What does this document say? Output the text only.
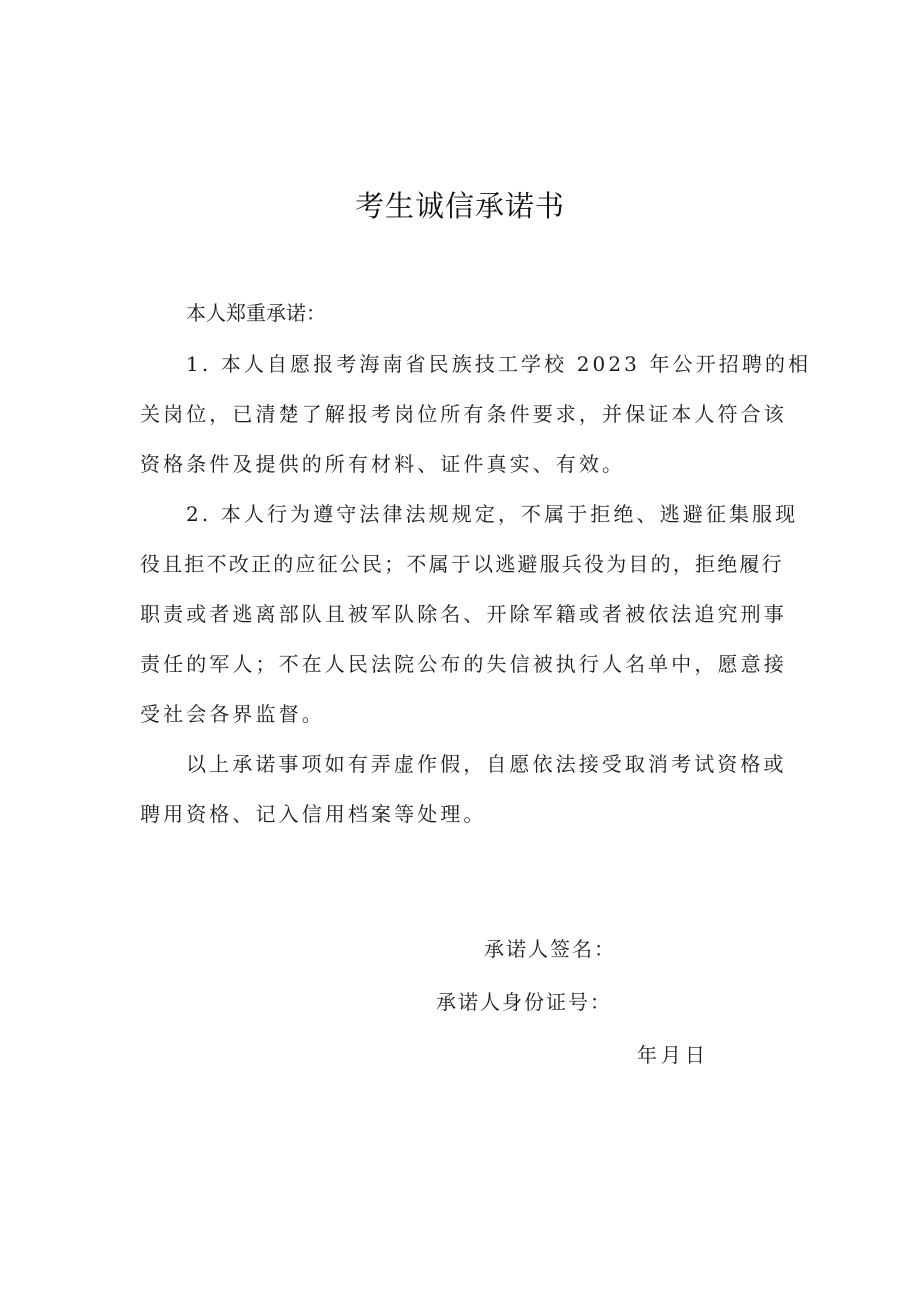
考生诚信承诺书
本人郑重承诺：
1. 本人自愿报考海南省民族技工学校 2023 年公开招聘的相
关岗位，已清楚了解报考岗位所有条件要求，并保证本人符合该
资格条件及提供的所有材料、证件真实、有效。
2. 本人行为遵守法律法规规定，不属于拒绝、逃避征集服现
役且拒不改正的应征公民；不属于以逃避服兵役为目的，拒绝履行
职责或者逃离部队且被军队除名、开除军籍或者被依法追究刑事
责任的军人；不在人民法院公布的失信被执行人名单中，愿意接
受社会各界监督。
以上承诺事项如有弄虚作假，自愿依法接受取消考试资格或
聘用资格、记入信用档案等处理。
承诺人签名：
承诺人身份证号：
年月日
